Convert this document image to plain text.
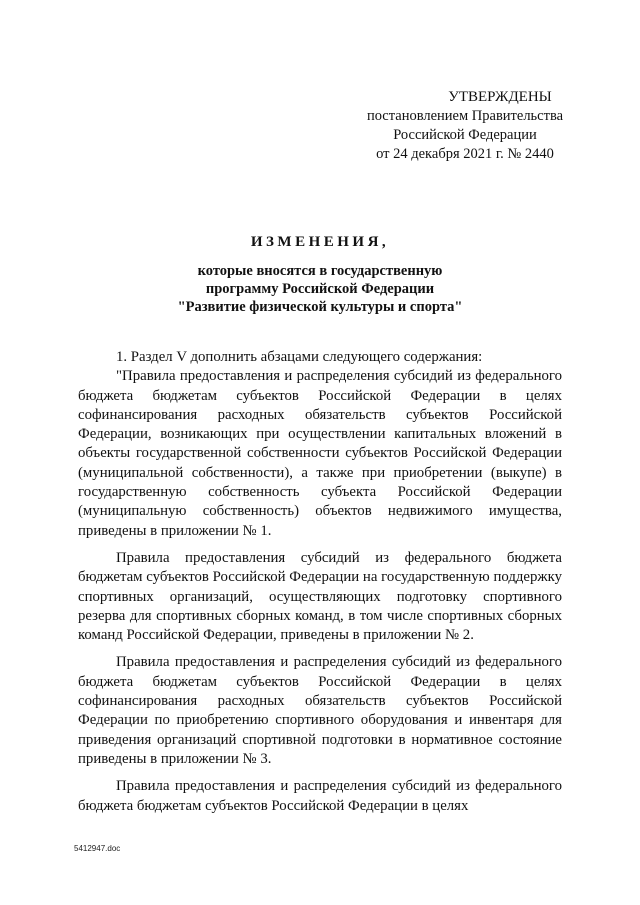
УТВЕРЖДЕНЫ
постановлением Правительства
Российской Федерации
от 24 декабря 2021 г. № 2440
ИЗМЕНЕНИЯ,
которые вносятся в государственную
программу Российской Федерации
"Развитие физической культуры и спорта"

1. Раздел V дополнить абзацами следующего содержания:

"Правила предоставления и распределения субсидий из федерального бюджета бюджетам субъектов Российской Федерации в целях софинансирования расходных обязательств субъектов Российской Федерации, возникающих при осуществлении капитальных вложений в объекты государственной собственности субъектов Российской Федерации (муниципальной собственности), а также при приобретении (выкупе) в государственную собственность субъекта Российской Федерации (муниципальную собственность) объектов недвижимого имущества, приведены в приложении № 1.

Правила предоставления субсидий из федерального бюджета бюджетам субъектов Российской Федерации на государственную поддержку спортивных организаций, осуществляющих подготовку спортивного резерва для спортивных сборных команд, в том числе спортивных сборных команд Российской Федерации, приведены в приложении № 2.

Правила предоставления и распределения субсидий из федерального бюджета бюджетам субъектов Российской Федерации в целях софинансирования расходных обязательств субъектов Российской Федерации по приобретению спортивного оборудования и инвентаря для приведения организаций спортивной подготовки в нормативное состояние приведены в приложении № 3.

Правила предоставления и распределения субсидий из федерального бюджета бюджетам субъектов Российской Федерации в целях

5412947.doc
